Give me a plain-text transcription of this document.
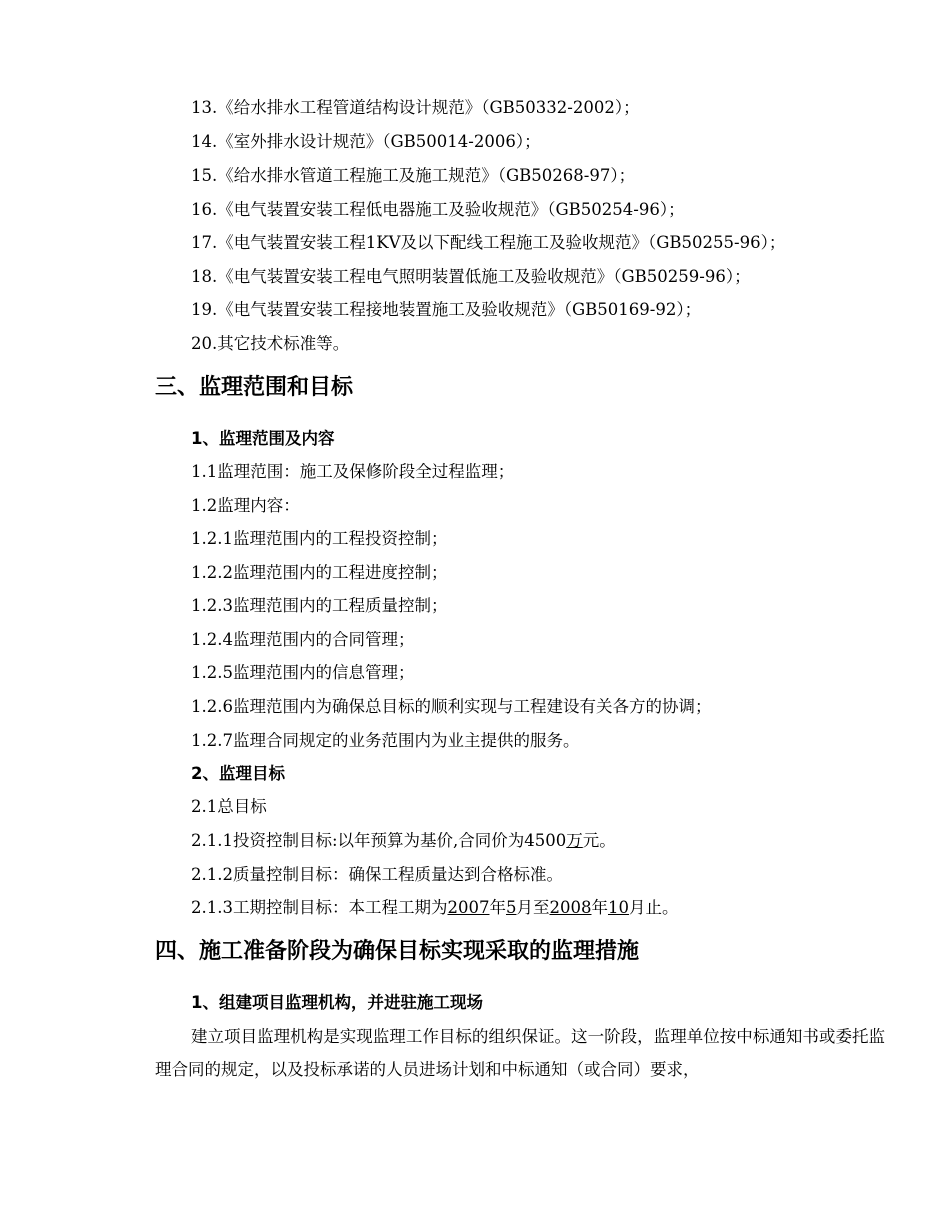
13.《给水排水工程管道结构设计规范》（GB50332-2002）；
14.《室外排水设计规范》（GB50014-2006）；
15.《给水排水管道工程施工及施工规范》（GB50268-97）；
16.《电气装置安装工程低电器施工及验收规范》（GB50254-96）；
17.《电气装置安装工程1KV及以下配线工程施工及验收规范》（GB50255-96）；
18.《电气装置安装工程电气照明装置低施工及验收规范》（GB50259-96）；
19.《电气装置安装工程接地装置施工及验收规范》（GB50169-92）；
20.其它技术标准等。
三、监理范围和目标
1、监理范围及内容
1.1监理范围：施工及保修阶段全过程监理；
1.2监理内容：
1.2.1监理范围内的工程投资控制；
1.2.2监理范围内的工程进度控制；
1.2.3监理范围内的工程质量控制；
1.2.4监理范围内的合同管理；
1.2.5监理范围内的信息管理；
1.2.6监理范围内为确保总目标的顺利实现与工程建设有关各方的协调；
1.2.7监理合同规定的业务范围内为业主提供的服务。
2、监理目标
2.1总目标
2.1.1投资控制目标:以年预算为基价,合同价为4500万元。
2.1.2质量控制目标：确保工程质量达到合格标准。
2.1.3工期控制目标：本工程工期为2007年5月至2008年10月止。
四、施工准备阶段为确保目标实现采取的监理措施
1、组建项目监理机构，并进驻施工现场
建立项目监理机构是实现监理工作目标的组织保证。这一阶段，监理单位按中标通知书或委托监理合同的规定，以及投标承诺的人员进场计划和中标通知（或合同）要求，
